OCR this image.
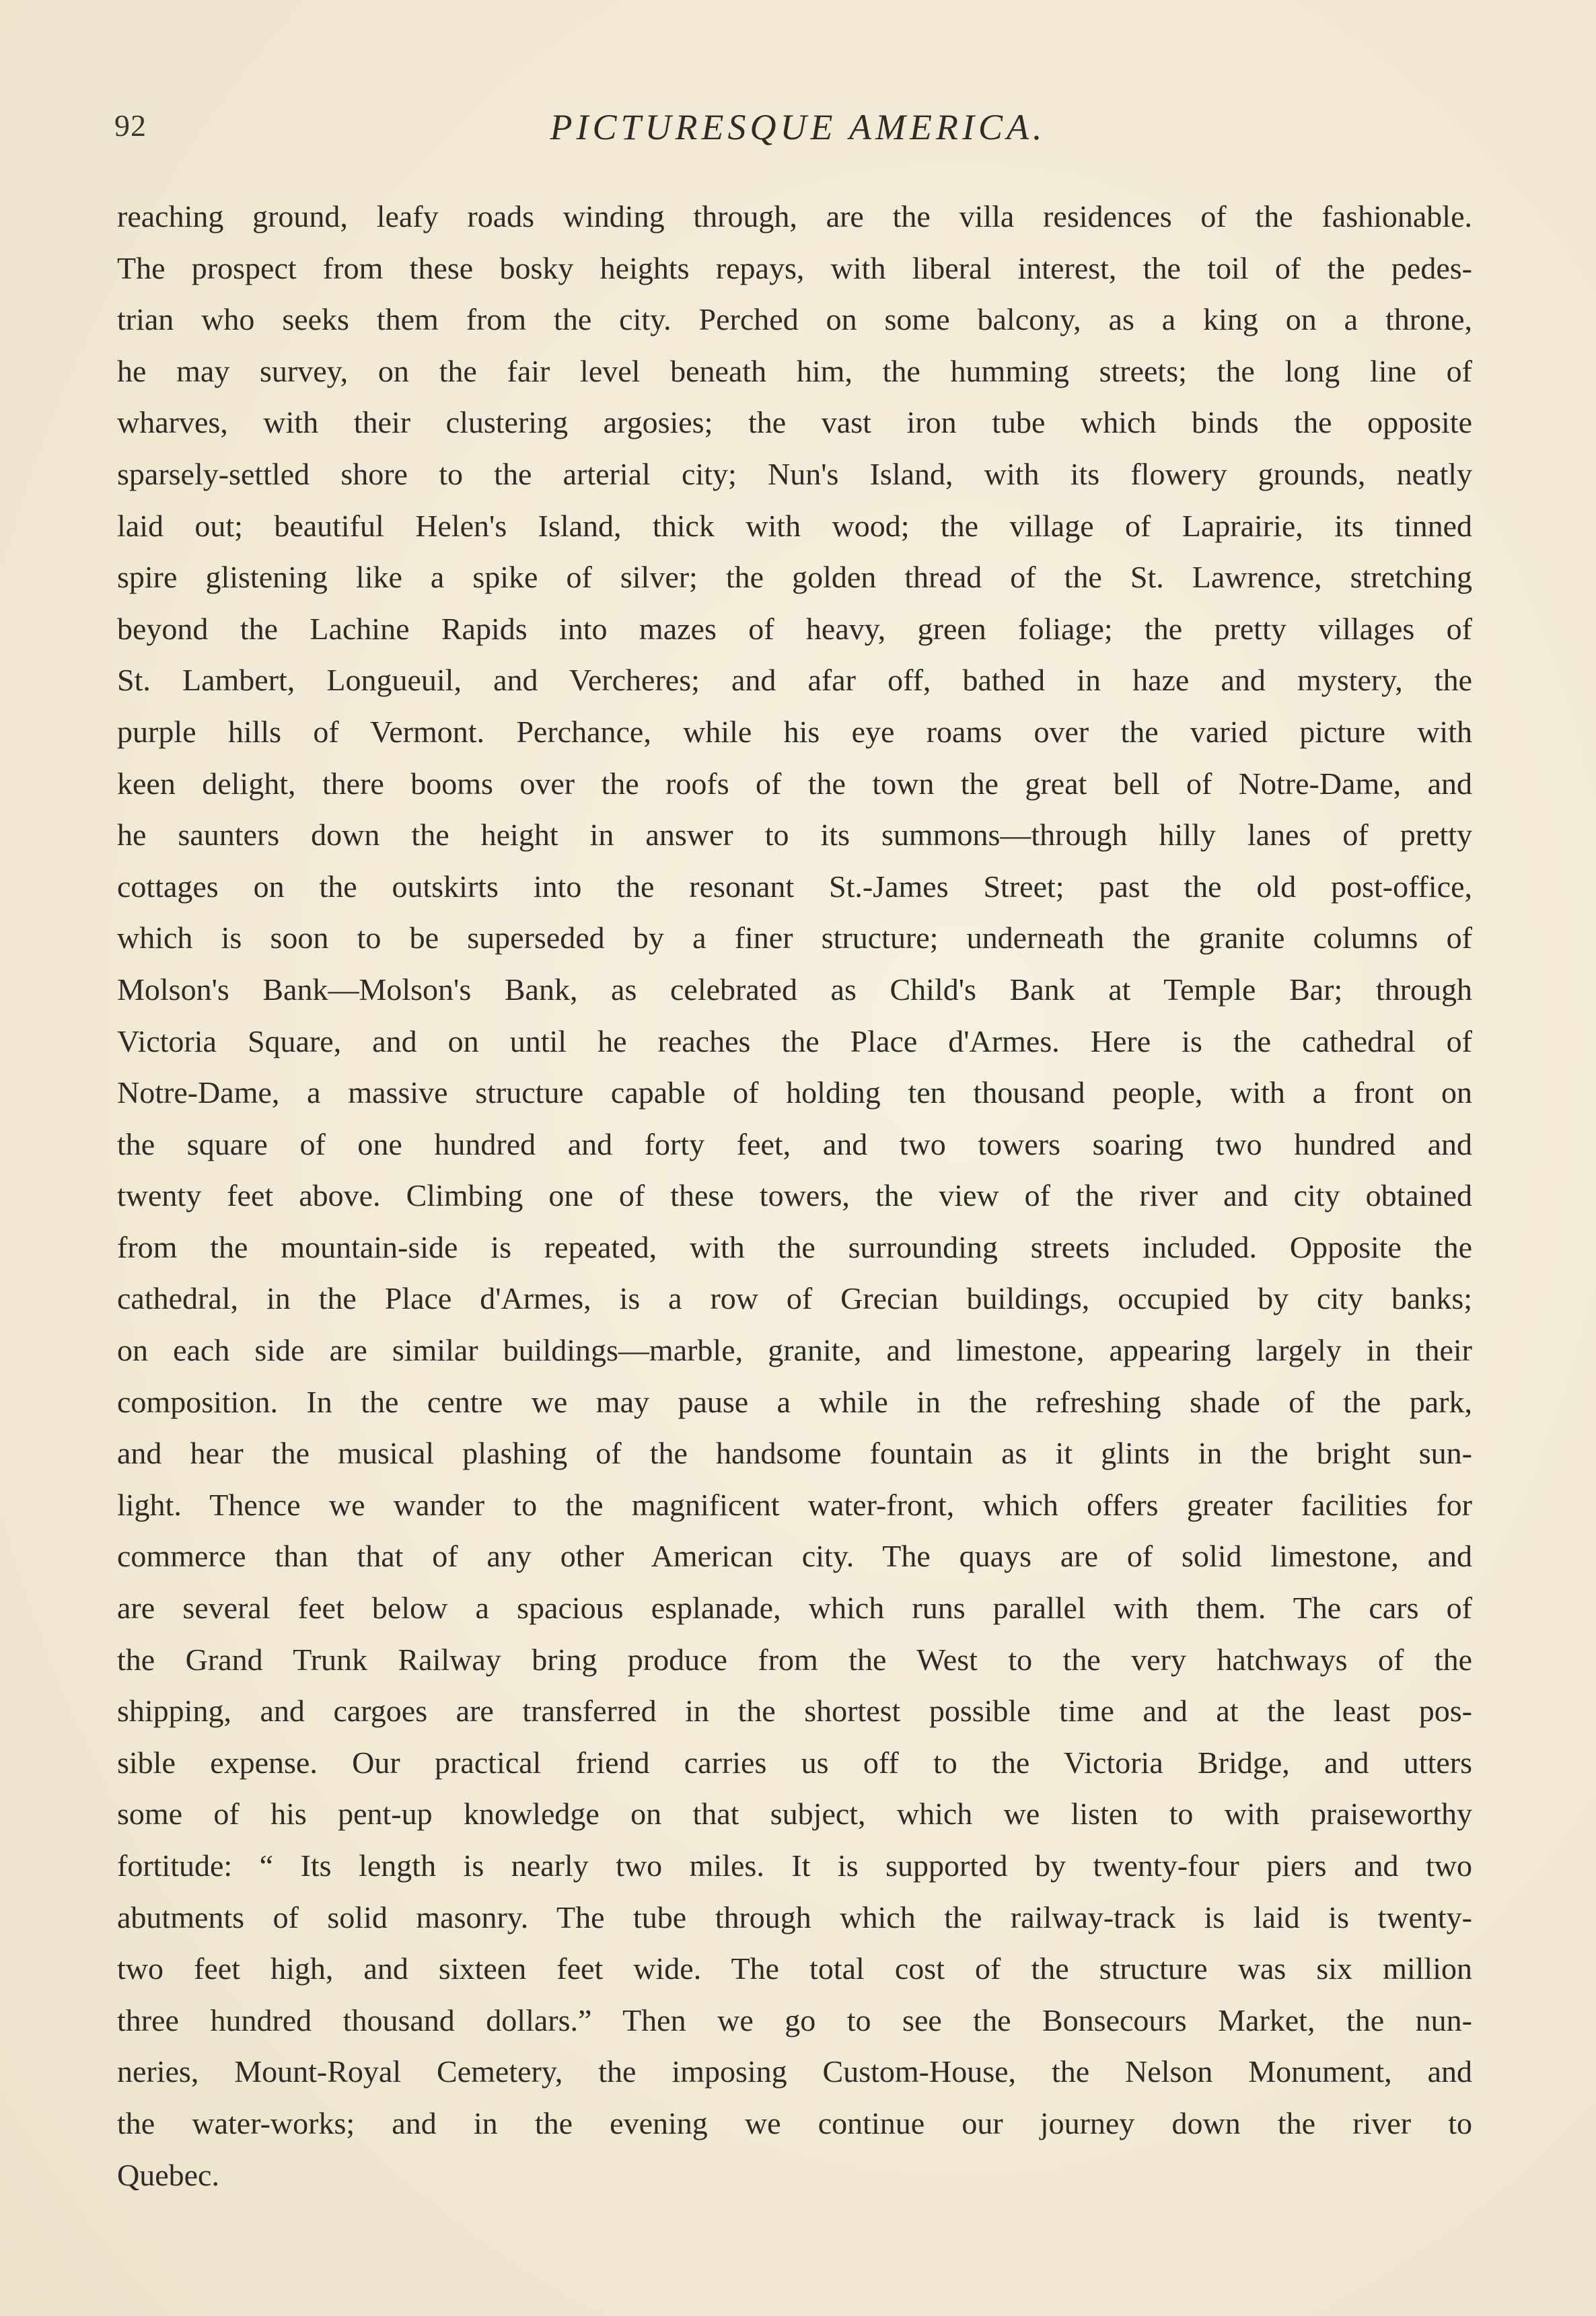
92	PICTURESQUE AMERICA.
reaching ground, leafy roads winding through, are the villa residences of the fashionable.
The prospect from these bosky heights repays, with liberal interest, the toil of the pedes-
trian who seeks them from the city. Perched on some balcony, as a king on a throne,
he may survey, on the fair level beneath him, the humming streets; the long line of
wharves, with their clustering argosies; the vast iron tube which binds the opposite
sparsely-settled shore to the arterial city; Nun's Island, with its flowery grounds, neatly
laid out; beautiful Helen's Island, thick with wood; the village of Laprairie, its tinned
spire glistening like a spike of silver; the golden thread of the St. Lawrence, stretching
beyond the Lachine Rapids into mazes of heavy, green foliage; the pretty villages of
St. Lambert, Longueuil, and Vercheres; and afar off, bathed in haze and mystery, the
purple hills of Vermont. Perchance, while his eye roams over the varied picture with
keen delight, there booms over the roofs of the town the great bell of Notre-Dame, and
he saunters down the height in answer to its summons—through hilly lanes of pretty
cottages on the outskirts into the resonant St.-James Street; past the old post-office,
which is soon to be superseded by a finer structure; underneath the granite columns of
Molson's Bank—Molson's Bank, as celebrated as Child's Bank at Temple Bar; through
Victoria Square, and on until he reaches the Place d'Armes. Here is the cathedral of
Notre-Dame, a massive structure capable of holding ten thousand people, with a front on
the square of one hundred and forty feet, and two towers soaring two hundred and
twenty feet above. Climbing one of these towers, the view of the river and city obtained
from the mountain-side is repeated, with the surrounding streets included. Opposite the
cathedral, in the Place d'Armes, is a row of Grecian buildings, occupied by city banks;
on each side are similar buildings—marble, granite, and limestone, appearing largely in their
composition. In the centre we may pause a while in the refreshing shade of the park,
and hear the musical plashing of the handsome fountain as it glints in the bright sun-
light. Thence we wander to the magnificent water-front, which offers greater facilities for
commerce than that of any other American city. The quays are of solid limestone, and
are several feet below a spacious esplanade, which runs parallel with them. The cars of
the Grand Trunk Railway bring produce from the West to the very hatchways of the
shipping, and cargoes are transferred in the shortest possible time and at the least pos-
sible expense. Our practical friend carries us off to the Victoria Bridge, and utters
some of his pent-up knowledge on that subject, which we listen to with praiseworthy
fortitude: “ Its length is nearly two miles. It is supported by twenty-four piers and two
abutments of solid masonry. The tube through which the railway-track is laid is twenty-
two feet high, and sixteen feet wide. The total cost of the structure was six million
three hundred thousand dollars.” Then we go to see the Bonsecours Market, the nun-
neries, Mount-Royal Cemetery, the imposing Custom-House, the Nelson Monument, and
the water-works; and in the evening we continue our journey down the river to
Quebec.
